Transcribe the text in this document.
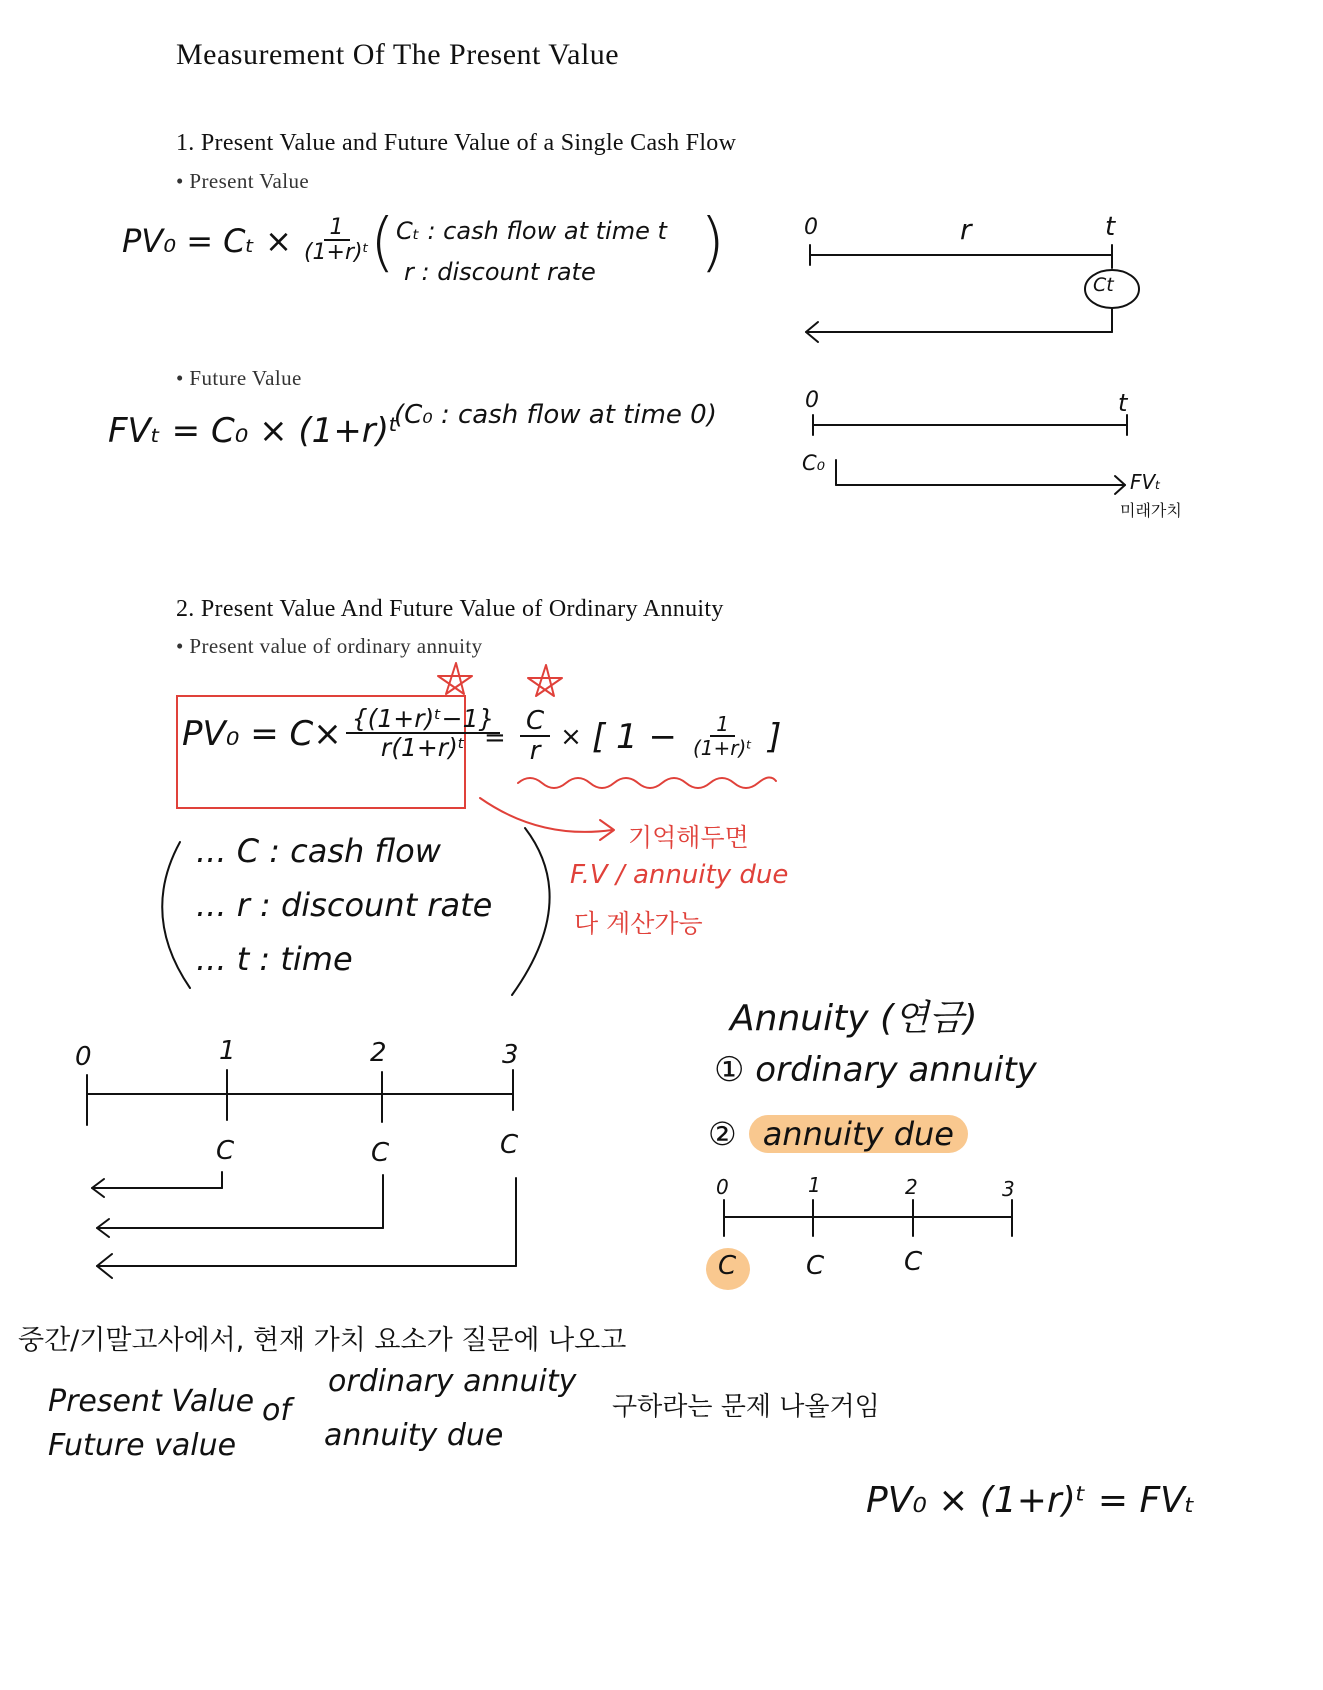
Measurement Of The Present Value
1. Present Value and Future Value of a Single Cash Flow
• Present Value
$PV_0 = C_t \times \frac{1}{\text{(1+r)ᵗ}}$
( Cₜ : cash flow at time t
r : discount rate )	0	r	t
Ct
• Future Value
FVₜ = C₀ × (1+r)ᵗ
(C₀ : cash flow at time 0)	0	t
C₀
FVₜ
미래가치
2. Present Value And Future Value of Ordinary Annuity
• Present value of ordinary annuity
$PV_0 = C\times \frac{\text{\{(1+r)ᵗ−1\}}}{\text{r(1+r)ᵗ}}$
= $\frac{C}{r}$ × [ $1 - \frac{1}{\text{(1+r)ᵗ}}$ ]
기억해두면
F.V / annuity due
다 계산가능
... C : cash flow
... r : discount rate
... t : time
0	1	2	3
C	C	C
Annuity (연금)
① ordinary annuity
② annuity due
0	1	2	3
C	C	C
중간/기말고사에서, 현재 가치 요소가 질문에 나오고
Present Value
Future value
of
ordinary annuity
annuity due
구하라는 문제 나올거임
PV₀ × (1+r)ᵗ = FVₜ
